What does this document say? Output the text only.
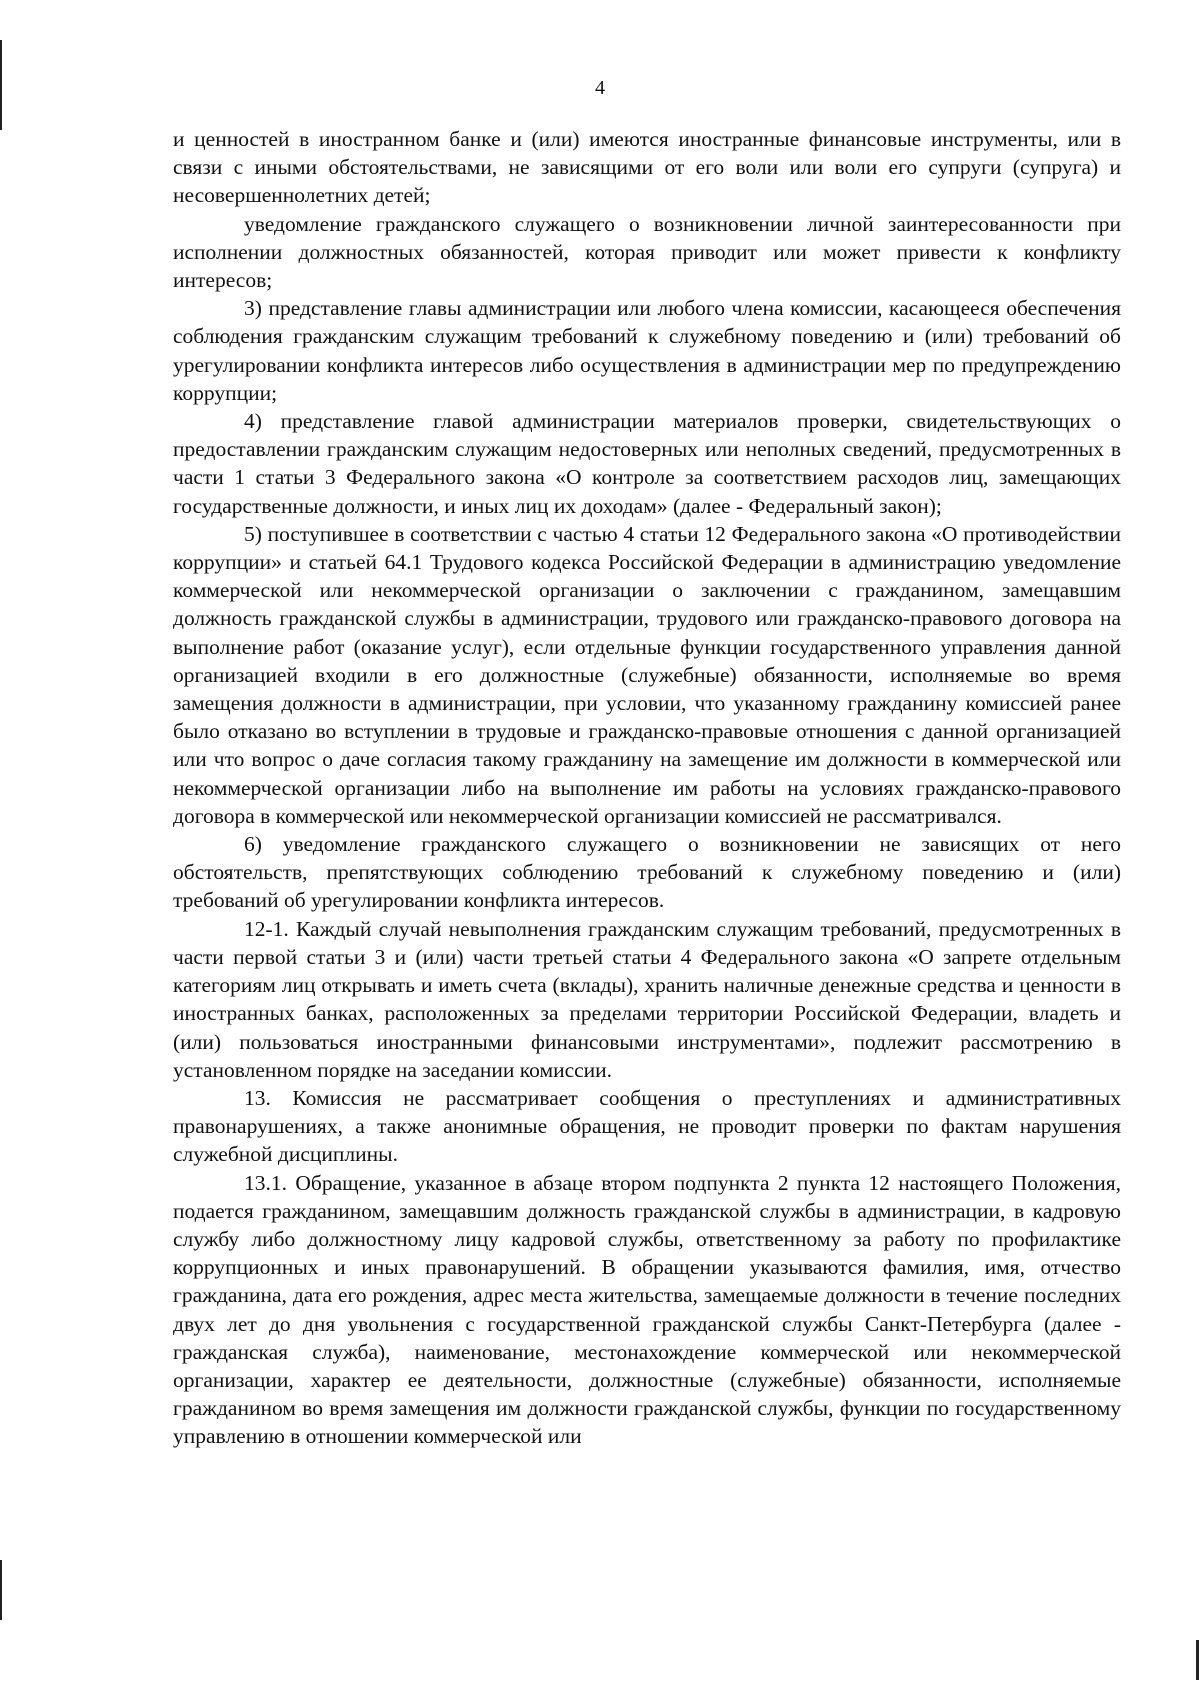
4

и ценностей в иностранном банке и (или) имеются иностранные финансовые инструменты, или в связи с иными обстоятельствами, не зависящими от его воли или воли его супруги (супруга) и несовершеннолетних детей;

уведомление гражданского служащего о возникновении личной заинтересованности при исполнении должностных обязанностей, которая приводит или может привести к конфликту интересов;

3) представление главы администрации или любого члена комиссии, касающееся обеспечения соблюдения гражданским служащим требований к служебному поведению и (или) требований об урегулировании конфликта интересов либо осуществления в администрации мер по предупреждению коррупции;

4) представление главой администрации материалов проверки, свидетельствующих о предоставлении гражданским служащим недостоверных или неполных сведений, предусмотренных в части 1 статьи 3 Федерального закона «О контроле за соответствием расходов лиц, замещающих государственные должности, и иных лиц их доходам» (далее - Федеральный закон);

5) поступившее в соответствии с частью 4 статьи 12 Федерального закона «О противодействии коррупции» и статьей 64.1 Трудового кодекса Российской Федерации в администрацию уведомление коммерческой или некоммерческой организации о заключении с гражданином, замещавшим должность гражданской службы в администрации, трудового или гражданско-правового договора на выполнение работ (оказание услуг), если отдельные функции государственного управления данной организацией входили в его должностные (служебные) обязанности, исполняемые во время замещения должности в администрации, при условии, что указанному гражданину комиссией ранее было отказано во вступлении в трудовые и гражданско-правовые отношения с данной организацией или что вопрос о даче согласия такому гражданину на замещение им должности в коммерческой или некоммерческой организации либо на выполнение им работы на условиях гражданско-правового договора в коммерческой или некоммерческой организации комиссией не рассматривался.

6) уведомление гражданского служащего о возникновении не зависящих от него обстоятельств, препятствующих соблюдению требований к служебному поведению и (или) требований об урегулировании конфликта интересов.

12-1. Каждый случай невыполнения гражданским служащим требований, предусмотренных в части первой статьи 3 и (или) части третьей статьи 4 Федерального закона «О запрете отдельным категориям лиц открывать и иметь счета (вклады), хранить наличные денежные средства и ценности в иностранных банках, расположенных за пределами территории Российской Федерации, владеть и (или) пользоваться иностранными финансовыми инструментами», подлежит рассмотрению в установленном порядке на заседании комиссии.

13. Комиссия не рассматривает сообщения о преступлениях и административных правонарушениях, а также анонимные обращения, не проводит проверки по фактам нарушения служебной дисциплины.

13.1. Обращение, указанное в абзаце втором подпункта 2 пункта 12 настоящего Положения, подается гражданином, замещавшим должность гражданской службы в администрации, в кадровую службу либо должностному лицу кадровой службы, ответственному за работу по профилактике коррупционных и иных правонарушений. В обращении указываются фамилия, имя, отчество гражданина, дата его рождения, адрес места жительства, замещаемые должности в течение последних двух лет до дня увольнения с государственной гражданской службы Санкт-Петербурга (далее - гражданская служба), наименование, местонахождение коммерческой или некоммерческой организации, характер ее деятельности, должностные (служебные) обязанности, исполняемые гражданином во время замещения им должности гражданской службы, функции по государственному управлению в отношении коммерческой или
